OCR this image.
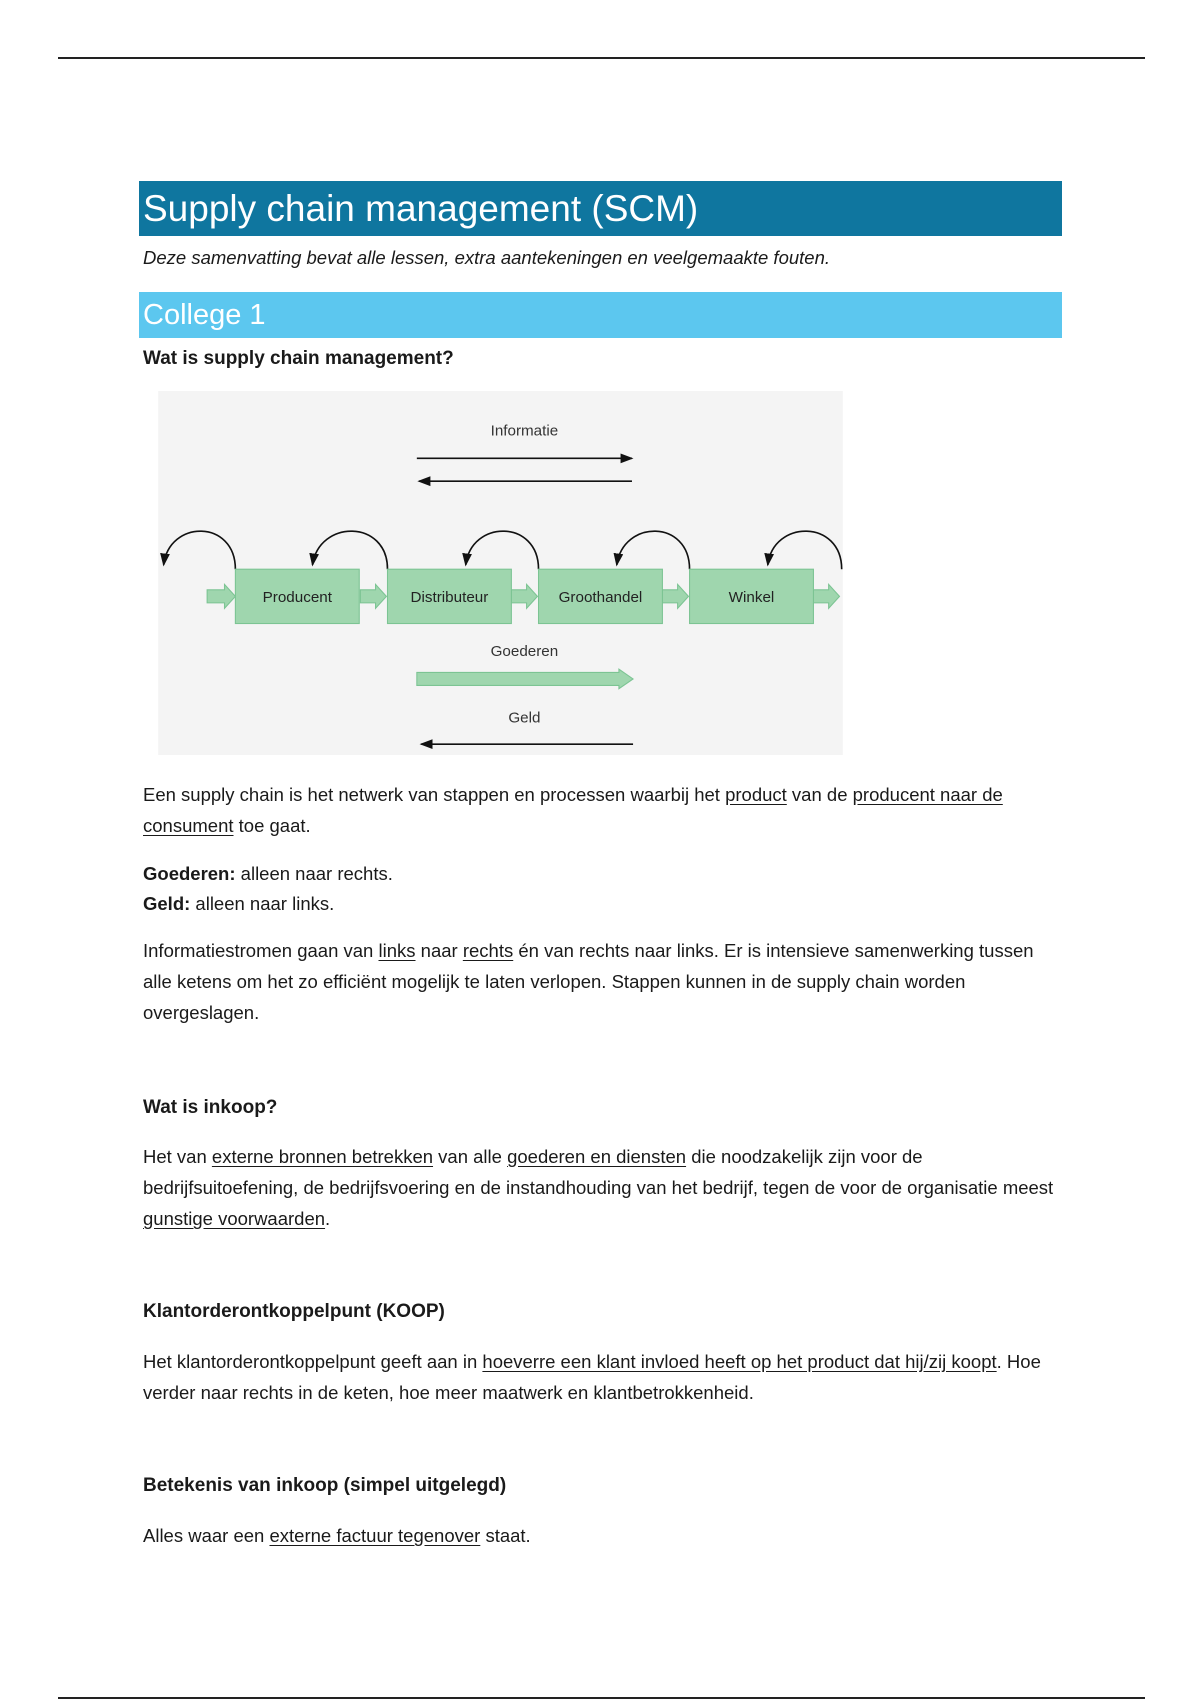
Supply chain management (SCM)
Deze samenvatting bevat alle lessen, extra aantekeningen en veelgemaakte fouten.
College 1
Wat is supply chain management?
Informatie
Producent	Distributeur	Groothandel	Winkel
Goederen
Geld
Een supply chain is het netwerk van stappen en processen waarbij het product van de producent naar de consument toe gaat.
Goederen: alleen naar rechts.
Geld: alleen naar links.
Informatiestromen gaan van links naar rechts én van rechts naar links. Er is intensieve samenwerking tussen alle ketens om het zo efficiënt mogelijk te laten verlopen. Stappen kunnen in de supply chain worden overgeslagen.
Wat is inkoop?
Het van externe bronnen betrekken van alle goederen en diensten die noodzakelijk zijn voor de bedrijfsuitoefening, de bedrijfsvoering en de instandhouding van het bedrijf, tegen de voor de organisatie meest gunstige voorwaarden.
Klantorderontkoppelpunt (KOOP)
Het klantorderontkoppelpunt geeft aan in hoeverre een klant invloed heeft op het product dat hij/zij koopt. Hoe verder naar rechts in de keten, hoe meer maatwerk en klantbetrokkenheid.
Betekenis van inkoop (simpel uitgelegd)
Alles waar een externe factuur tegenover staat.
